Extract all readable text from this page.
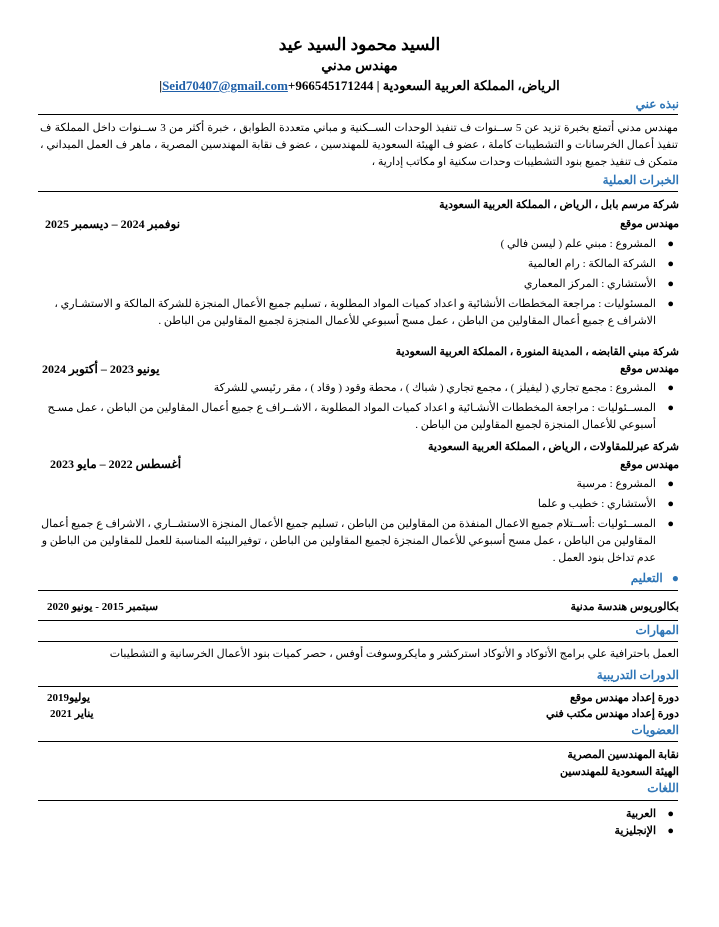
السيد محمود السيد عيد
مهندس مدني
الرياض، المملكة العربية السعودية | Seid70407@gmail.com+966545171244|
نبذه عني
مهندس مدني أتمتع بخبرة تزيد عن 5 ســنوات ف تنفيذ الوحدات الســكنية و مباني متعددة الطوابق ، خبرة أكثر من 3 ســنوات داخل المملكة ف تنفيذ أعمال الخرسانات و التشطيبات كاملة ، عضو ف الهيئة السعودية للمهندسين ، عضو ف نقابة المهندسين المصرية ، ماهر ف العمل الميداني ، متمكن ف تنفيذ جميع بنود التشطيبات وحدات سكنية او مكاتب إدارية ،
الخبرات العملية
شركة مرسم بابل ، الرياض ، المملكة العربية السعودية
مهندس موقع
نوفمبر 2024 – ديسمبر 2025
●
المشروع : مبني علم ( ليسن فالي )
●
الشركة المالكة : رام العالمية
●
الأستشاري : المركز المعماري
●
المسئوليات : مراجعة المخططات الأنشائية و اعداد كميات المواد المطلوبة ، تسليم جميع الأعمال المنجزة للشركة المالكة و الاستشـاري ، الاشراف ع جميع أعمال المقاولين من الباطن ، عمل مسح أسبوعي للأعمال المنجزة لجميع المقاولين من الباطن .
شركة مبني القابضه ، المدينة المنورة ، المملكة العربية السعودية
مهندس موقع
يونيو 2023 – أكتوبر 2024
●
المشروع : مجمع تجاري ( ليفيلز ) ، مجمع تجاري ( شباك ) ، محطة وقود ( وقاد ) ، مقر رئيسي للشركة
●
المســئوليات : مراجعة المخططات الأنشـائية و اعداد كميات المواد المطلوبة ، الاشــراف ع جميع أعمال المقاولين من الباطن ، عمل مسـح أسبوعي للأعمال المنجزة لجميع المقاولين من الباطن .
شركة عبرللمقاولات ، الرياض ، المملكة العربية السعودية
مهندس موقع
أغسطس 2022 – مايو 2023
●
المشروع : مرسية
●
الأستشاري : خطيب و علما
●
المســئوليات :أســتلام جميع الاعمال المنفذة من المقاولين من الباطن ، تسليم جميع الأعمال المنجزة الاستشــاري ، الاشراف ع جميع أعمال المقاولين من الباطن ، عمل مسح أسبوعي للأعمال المنجزة لجميع المقاولين من الباطن ، توفيرالبيئه المناسبة للعمل للمقاولين من الباطن و عدم تداخل بنود العمل .
●   التعليم
بكالوريوس هندسة مدنية
سبتمبر 2015 - يونيو 2020
المهارات
العمل باحترافية علي برامج الأتوكاد و الأتوكاد استركشر و مايكروسوفت أوفس ، حصر كميات بنود الأعمال الخرسانية و التشطيبات
الدورات التدريبية
دورة إعداد مهندس موقع
يوليو2019
دورة إعداد مهندس مكتب فني
يناير 2021
العضويات
نقابة المهندسين المصرية
الهيئة السعودية للمهندسين
اللغات
●
العربية
●
الإنجليزية
